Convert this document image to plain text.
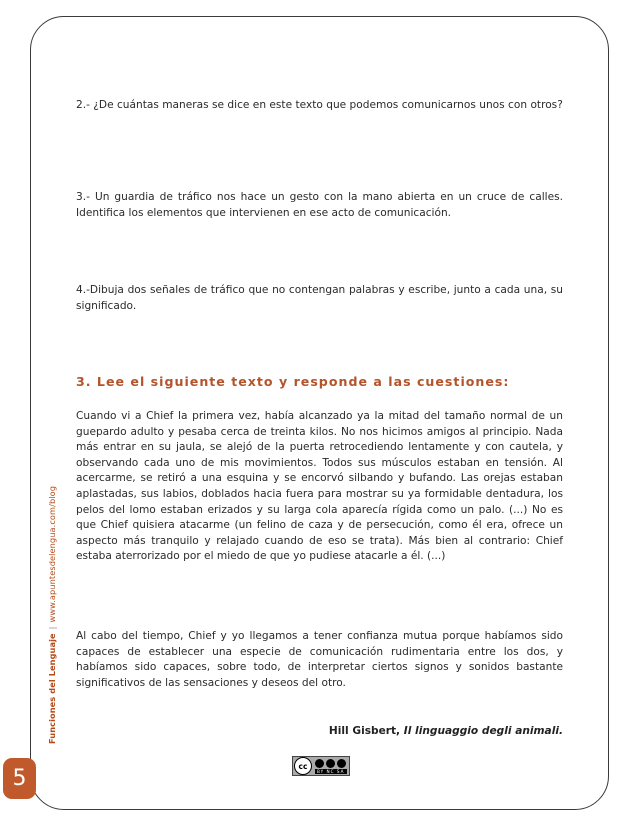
Funciones del Lenguaje|www.apuntesdelengua.com/blog
5
2.- ¿De cuántas maneras se dice en este texto que podemos comunicarnos unos con otros?
3.- Un guardia de tráfico nos hace un gesto con la mano abierta en un cruce de calles. Identifica los elementos que intervienen en ese acto de comunicación.
4.-Dibuja dos señales de tráfico que no contengan palabras y escribe, junto a cada una, su significado.
3. Lee el siguiente texto y responde a las cuestiones:
Cuando vi a Chief la primera vez, había alcanzado ya la mitad del tamaño normal de un guepardo adulto y pesaba cerca de treinta kilos. No nos hicimos amigos al principio. Nada más entrar en su jaula, se alejó de la puerta retrocediendo lentamente y con cautela, y observando cada uno de mis movimientos. Todos sus músculos estaban en tensión. Al acercarme, se retiró a una esquina y se encorvó silbando y bufando. Las orejas estaban aplastadas, sus labios, doblados hacia fuera para mostrar su ya formidable dentadura, los pelos del lomo estaban erizados y su larga cola aparecía rígida como un palo. (...) No es que Chief quisiera atacarme (un felino de caza y de persecución, como él era, ofrece un aspecto más tranquilo y relajado cuando de eso se trata). Más bien al contrario: Chief estaba aterrorizado por el miedo de que yo pudiese atacarle a él. (...)
Al cabo del tiempo, Chief y yo llegamos a tener confianza mutua porque habíamos sido capaces de establecer una especie de comunicación rudimentaria entre los dos, y habíamos sido capaces, sobre todo, de interpretar ciertos signos y sonidos bastante significativos de las sensaciones y deseos del otro.
Hill Gisbert, Il linguaggio degli animali.
cc
BY NC SA
